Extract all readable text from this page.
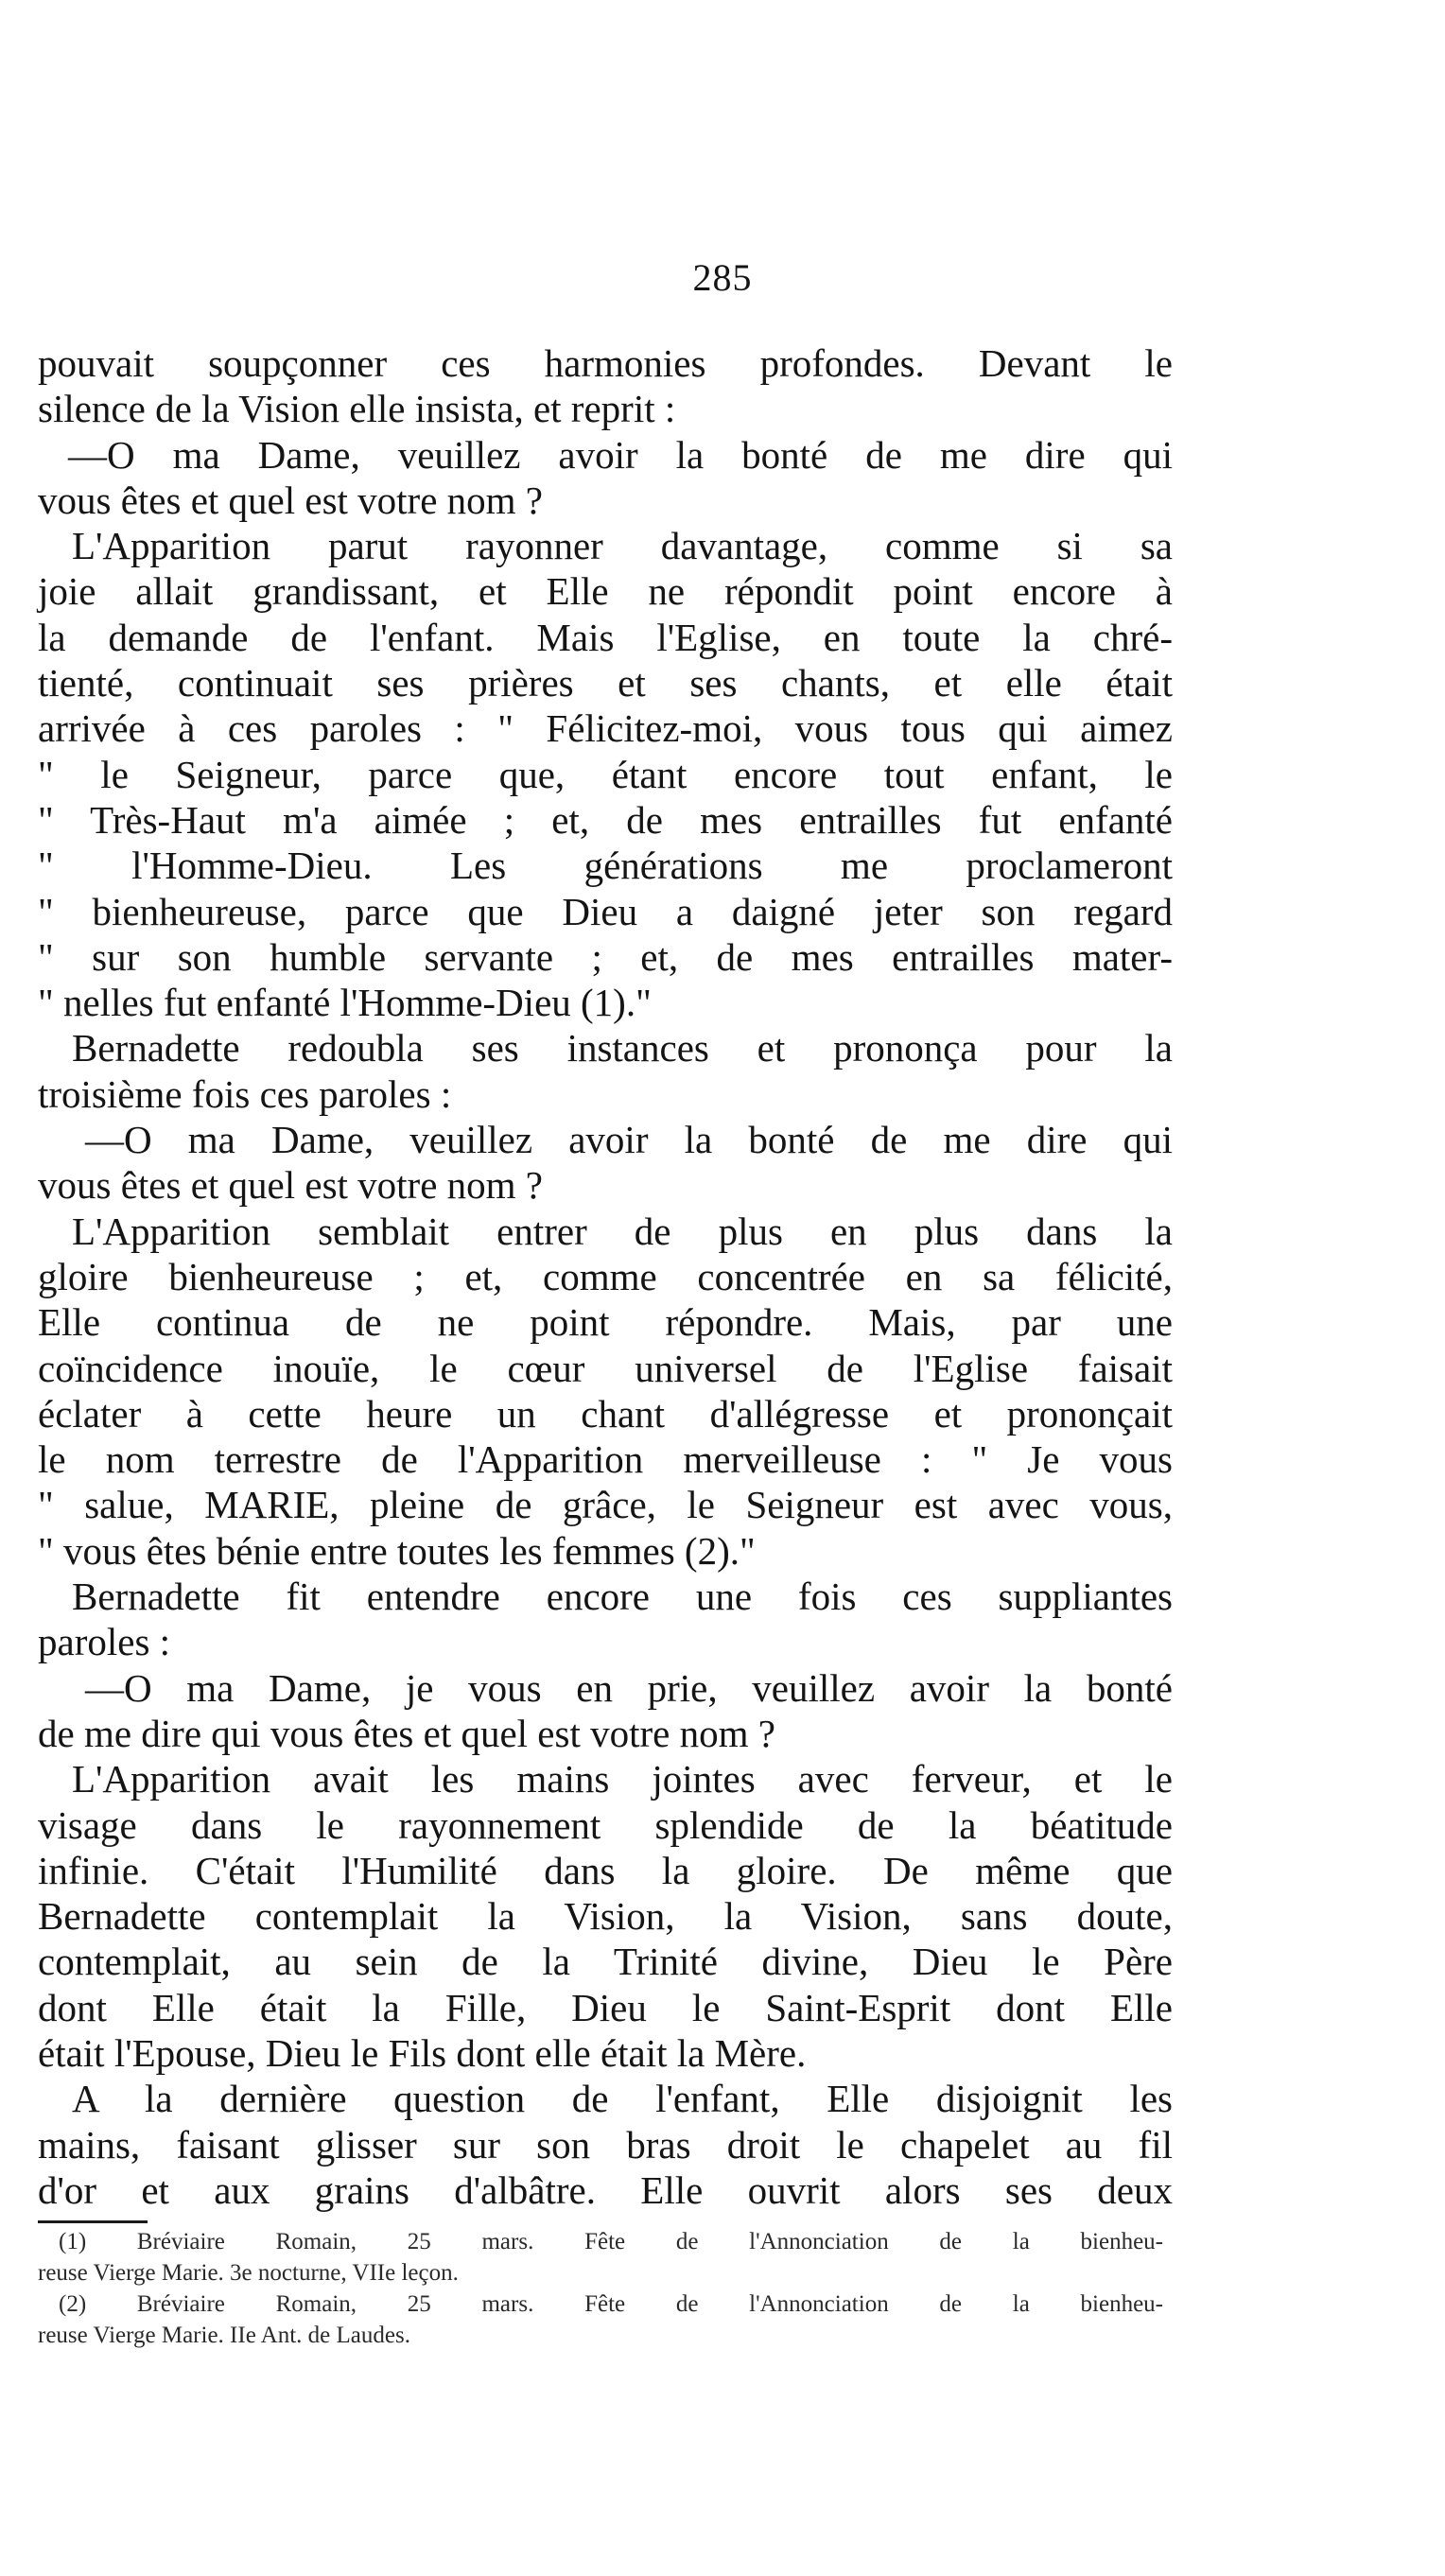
285
pouvait soupçonner ces harmonies profondes. Devant le
silence de la Vision elle insista, et reprit :
—O ma Dame, veuillez avoir la bonté de me dire qui
vous êtes et quel est votre nom ?
L'Apparition parut rayonner davantage, comme si sa
joie allait grandissant, et Elle ne répondit point encore à
la demande de l'enfant. Mais l'Eglise, en toute la chré-
tienté, continuait ses prières et ses chants, et elle était
arrivée à ces paroles : " Félicitez-moi, vous tous qui aimez
" le Seigneur, parce que, étant encore tout enfant, le
" Très-Haut m'a aimée ; et, de mes entrailles fut enfanté
" l'Homme-Dieu. Les générations me proclameront
" bienheureuse, parce que Dieu a daigné jeter son regard
" sur son humble servante ; et, de mes entrailles mater-
" nelles fut enfanté l'Homme-Dieu (1)."
Bernadette redoubla ses instances et prononça pour la
troisième fois ces paroles :
—O ma Dame, veuillez avoir la bonté de me dire qui
vous êtes et quel est votre nom ?
L'Apparition semblait entrer de plus en plus dans la
gloire bienheureuse ; et, comme concentrée en sa félicité,
Elle continua de ne point répondre. Mais, par une
coïncidence inouïe, le cœur universel de l'Eglise faisait
éclater à cette heure un chant d'allégresse et prononçait
le nom terrestre de l'Apparition merveilleuse : " Je vous
" salue, MARIE, pleine de grâce, le Seigneur est avec vous,
" vous êtes bénie entre toutes les femmes (2)."
Bernadette fit entendre encore une fois ces suppliantes
paroles :
—O ma Dame, je vous en prie, veuillez avoir la bonté
de me dire qui vous êtes et quel est votre nom ?
L'Apparition avait les mains jointes avec ferveur, et le
visage dans le rayonnement splendide de la béatitude
infinie. C'était l'Humilité dans la gloire. De même que
Bernadette contemplait la Vision, la Vision, sans doute,
contemplait, au sein de la Trinité divine, Dieu le Père
dont Elle était la Fille, Dieu le Saint-Esprit dont Elle
était l'Epouse, Dieu le Fils dont elle était la Mère.
A la dernière question de l'enfant, Elle disjoignit les
mains, faisant glisser sur son bras droit le chapelet au fil
d'or et aux grains d'albâtre. Elle ouvrit alors ses deux
(1) Bréviaire Romain, 25 mars. Fête de l'Annonciation de la bienheu-
reuse Vierge Marie. 3e nocturne, VIIe leçon.
(2) Bréviaire Romain, 25 mars. Fête de l'Annonciation de la bienheu-
reuse Vierge Marie. IIe Ant. de Laudes.
